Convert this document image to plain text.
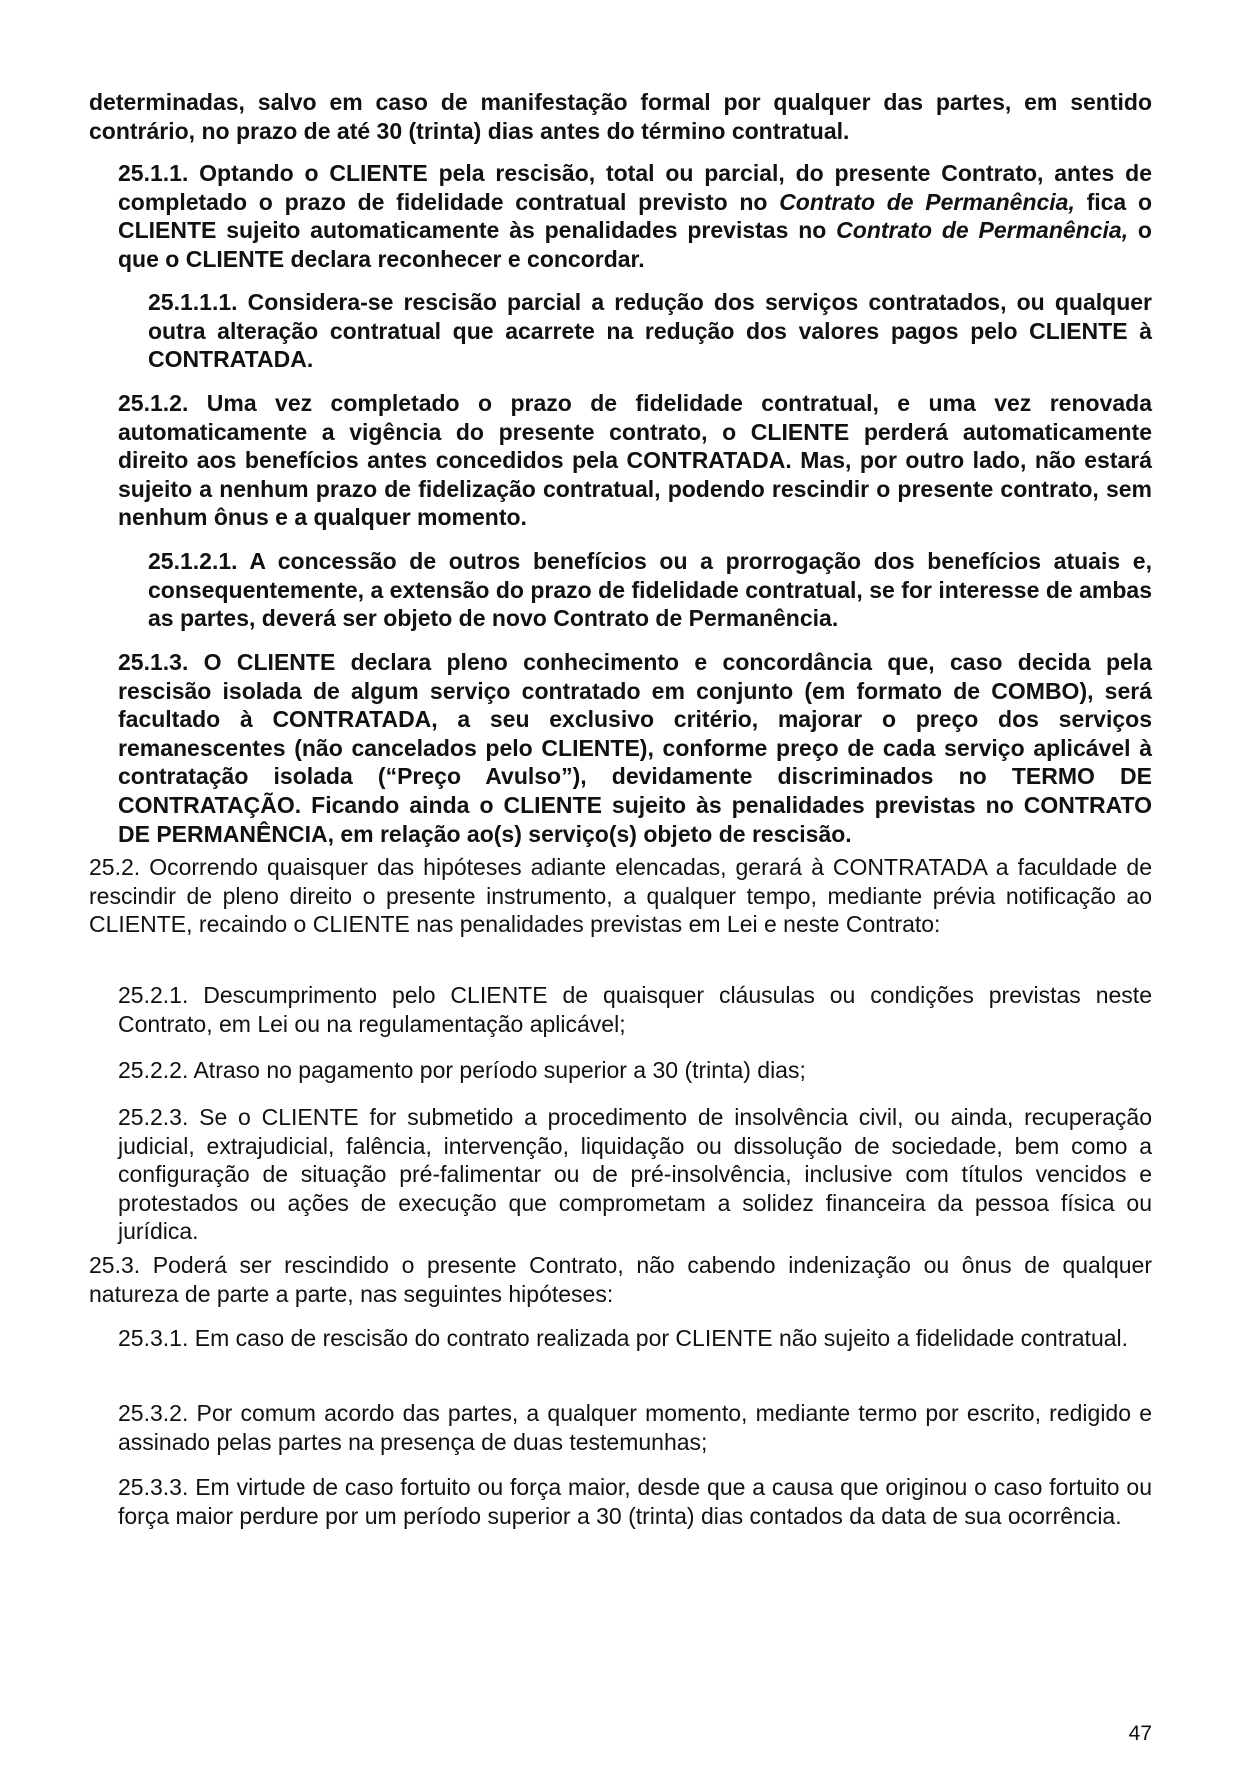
determinadas, salvo em caso de manifestação formal por qualquer das partes, em sentido contrário, no prazo de até 30 (trinta) dias antes do término contratual.

25.1.1. Optando o CLIENTE pela rescisão, total ou parcial, do presente Contrato, antes de completado o prazo de fidelidade contratual previsto no Contrato de Permanência, fica o CLIENTE sujeito automaticamente às penalidades previstas no Contrato de Permanência, o que o CLIENTE declara reconhecer e concordar.

25.1.1.1. Considera-se rescisão parcial a redução dos serviços contratados, ou qualquer outra alteração contratual que acarrete na redução dos valores pagos pelo CLIENTE à CONTRATADA.

25.1.2. Uma vez completado o prazo de fidelidade contratual, e uma vez renovada automaticamente a vigência do presente contrato, o CLIENTE perderá automaticamente direito aos benefícios antes concedidos pela CONTRATADA. Mas, por outro lado, não estará sujeito a nenhum prazo de fidelização contratual, podendo rescindir o presente contrato, sem nenhum ônus e a qualquer momento.

25.1.2.1. A concessão de outros benefícios ou a prorrogação dos benefícios atuais e, consequentemente, a extensão do prazo de fidelidade contratual, se for interesse de ambas as partes, deverá ser objeto de novo Contrato de Permanência.

25.1.3. O CLIENTE declara pleno conhecimento e concordância que, caso decida pela rescisão isolada de algum serviço contratado em conjunto (em formato de COMBO), será facultado à CONTRATADA, a seu exclusivo critério, majorar o preço dos serviços remanescentes (não cancelados pelo CLIENTE), conforme preço de cada serviço aplicável à contratação isolada (“Preço Avulso”), devidamente discriminados no TERMO DE CONTRATAÇÃO. Ficando ainda o CLIENTE sujeito às penalidades previstas no CONTRATO DE PERMANÊNCIA, em relação ao(s) serviço(s) objeto de rescisão.

25.2. Ocorrendo quaisquer das hipóteses adiante elencadas, gerará à CONTRATADA a faculdade de rescindir de pleno direito o presente instrumento, a qualquer tempo, mediante prévia notificação ao CLIENTE, recaindo o CLIENTE nas penalidades previstas em Lei e neste Contrato:

25.2.1. Descumprimento pelo CLIENTE de quaisquer cláusulas ou condições previstas neste Contrato, em Lei ou na regulamentação aplicável;

25.2.2. Atraso no pagamento por período superior a 30 (trinta) dias;

25.2.3. Se o CLIENTE for submetido a procedimento de insolvência civil, ou ainda, recuperação judicial, extrajudicial, falência, intervenção, liquidação ou dissolução de sociedade, bem como a configuração de situação pré-falimentar ou de pré-insolvência, inclusive com títulos vencidos e protestados ou ações de execução que comprometam a solidez financeira da pessoa física ou jurídica.

25.3. Poderá ser rescindido o presente Contrato, não cabendo indenização ou ônus de qualquer natureza de parte a parte, nas seguintes hipóteses:

25.3.1. Em caso de rescisão do contrato realizada por CLIENTE não sujeito a fidelidade contratual.

25.3.2. Por comum acordo das partes, a qualquer momento, mediante termo por escrito, redigido e assinado pelas partes na presença de duas testemunhas;

25.3.3. Em virtude de caso fortuito ou força maior, desde que a causa que originou o caso fortuito ou força maior perdure por um período superior a 30 (trinta) dias contados da data de sua ocorrência.

47
